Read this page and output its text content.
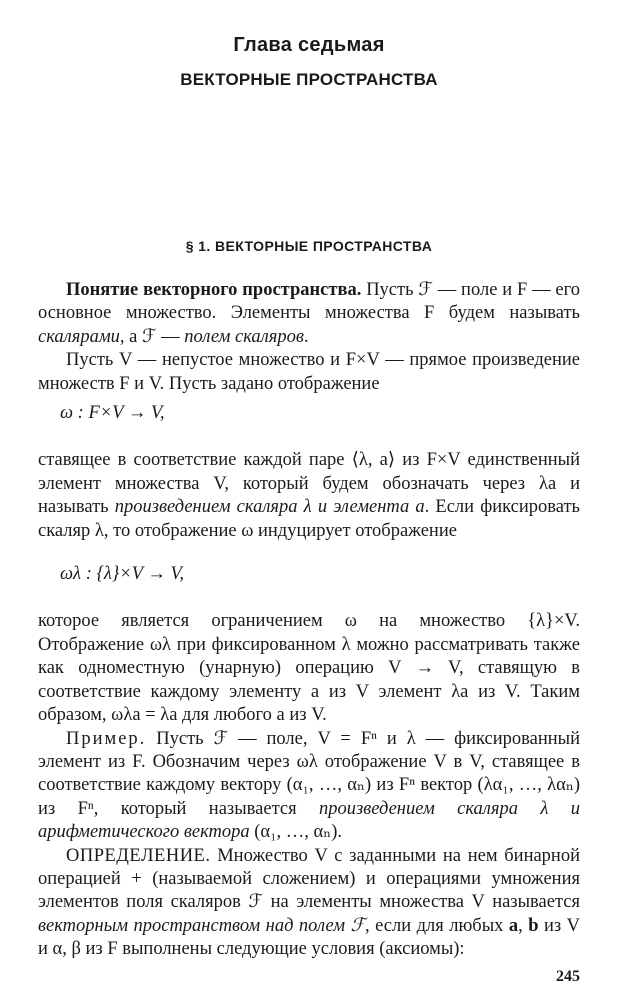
Глава седьмая
ВЕКТОРНЫЕ ПРОСТРАНСТВА
§ 1. ВЕКТОРНЫЕ ПРОСТРАНСТВА

Понятие векторного пространства. Пусть ℱ — поле и F — его основное множество. Элементы множества F будем называть скалярами, а ℱ — полем скаляров.

Пусть V — непустое множество и F×V — прямое произведение множеств F и V. Пусть задано отображение

ω : F×V → V,

ставящее в соответствие каждой паре ⟨λ, a⟩ из F×V единственный элемент множества V, который будем обозначать через λa и называть произведением скаляра λ и элемента a. Если фиксировать скаляр λ, то отображение ω индуцирует отображение

ωλ : {λ}×V → V,

которое является ограничением ω на множество {λ}×V. Отображение ωλ при фиксированном λ можно рассматривать также как одноместную (унарную) операцию V → V, ставящую в соответствие каждому элементу a из V элемент λa из V. Таким образом, ωλa = λa для любого a из V.

Пример. Пусть ℱ — поле, V = Fⁿ и λ — фиксированный элемент из F. Обозначим через ωλ отображение V в V, ставящее в соответствие каждому вектору (α₁, …, αₙ) из Fⁿ вектор (λα₁, …, λαₙ) из Fⁿ, который называется произведением скаляра λ и арифметического вектора (α₁, …, αₙ).

ОПРЕДЕЛЕНИЕ. Множество V с заданными на нем бинарной операцией + (называемой сложением) и операциями умножения элементов поля скаляров ℱ на элементы множества V называется векторным пространством над полем ℱ, если для любых a, b из V и α, β из F выполнены следующие условия (аксиомы):

245
